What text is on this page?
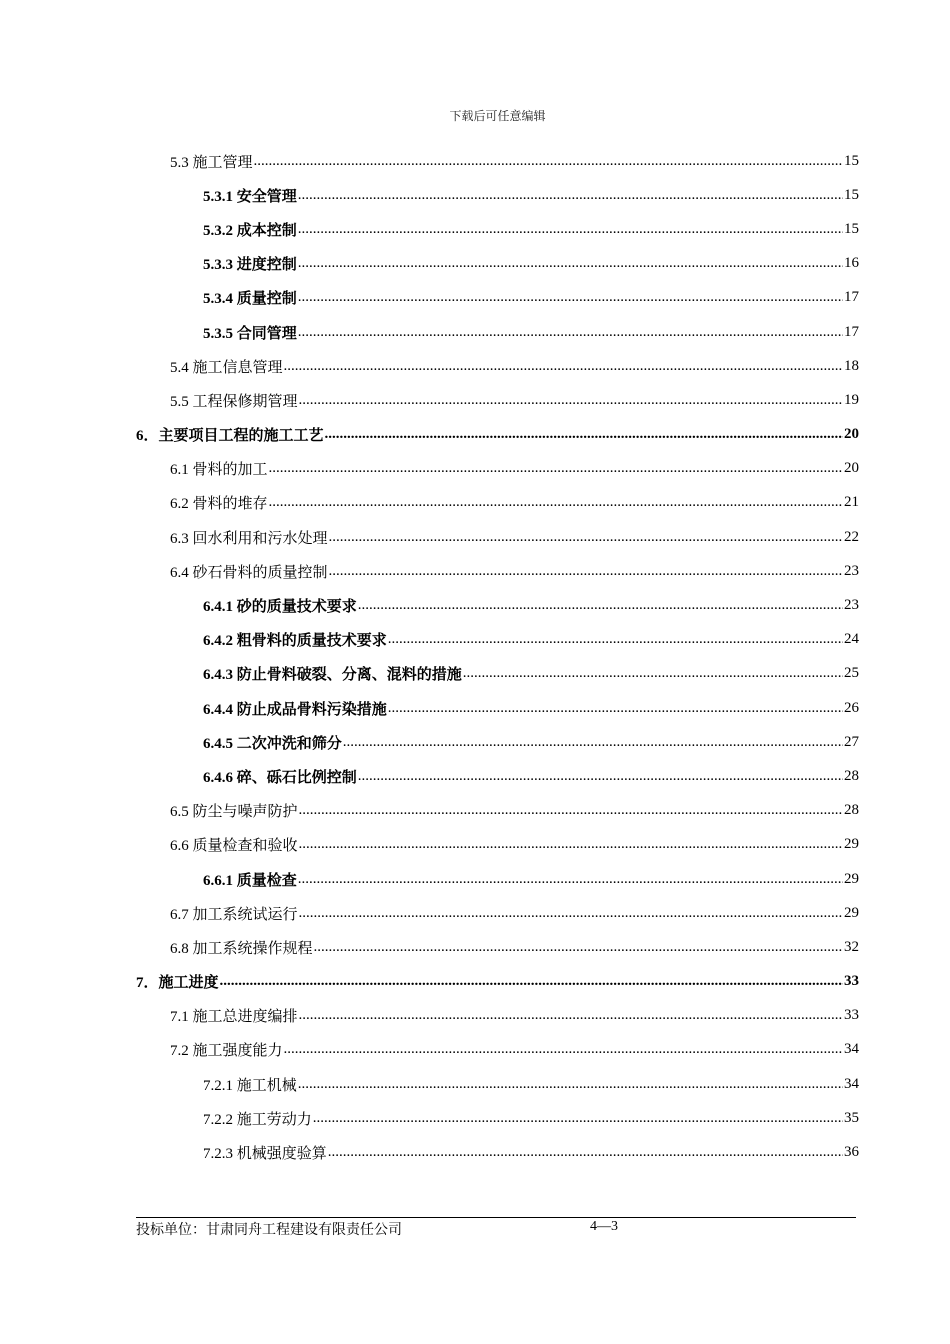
下载后可任意编辑
5.3 施工管理 .....	15
5.3.1 安全管理 .....	15
5.3.2 成本控制 .....	15
5.3.3 进度控制 .....	16
5.3.4 质量控制 .....	17
5.3.5 合同管理 .....	17
5.4 施工信息管理 .....	18
5.5 工程保修期管理 .....	19
6．主要项目工程的施工工艺 .....	20
6.1 骨料的加工 .....	20
6.2 骨料的堆存 .....	21
6.3 回水利用和污水处理 .....	22
6.4 砂石骨料的质量控制 .....	23
6.4.1 砂的质量技术要求 .....	23
6.4.2 粗骨料的质量技术要求 .....	24
6.4.3 防止骨料破裂、分离、混料的措施 .....	25
6.4.4 防止成品骨料污染措施 .....	26
6.4.5 二次冲洗和筛分 .....	27
6.4.6 碎、砾石比例控制 .....	28
6.5 防尘与噪声防护 .....	28
6.6 质量检查和验收 .....	29
6.6.1 质量检查 .....	29
6.7 加工系统试运行 .....	29
6.8 加工系统操作规程 .....	32
7．施工进度 .....	33
7.1 施工总进度编排 .....	33
7.2 施工强度能力 .....	34
7.2.1 施工机械 .....	34
7.2.2 施工劳动力 .....	35
7.2.3 机械强度验算 .....	36
投标单位：甘肃同舟工程建设有限责任公司	4—3
